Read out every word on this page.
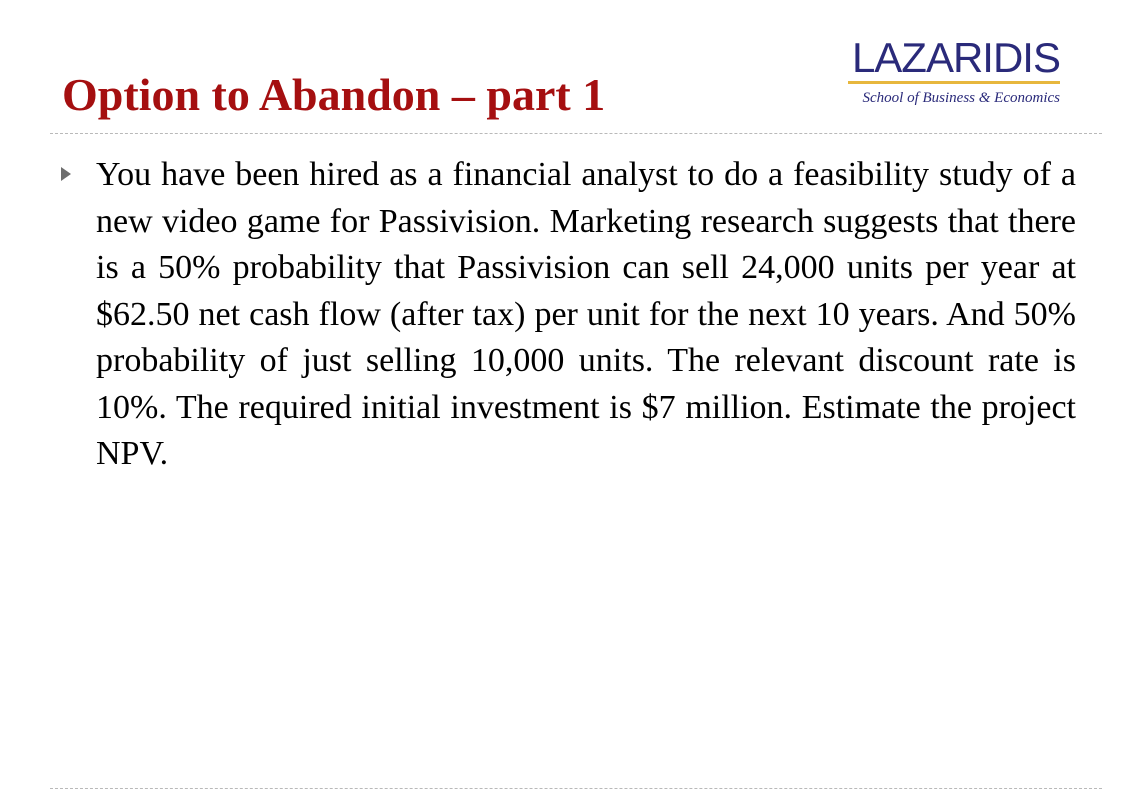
Option to Abandon – part 1
LAZARIDIS
School of Business & Economics

You have been hired as a financial analyst to do a feasibility study of a new video game for Passivision. Marketing research suggests that there is a 50% probability that Passivision can sell 24,000 units per year at $62.50 net cash flow (after tax) per unit for the next 10 years. And 50% probability of just selling 10,000 units. The relevant discount rate is 10%. The required initial investment is $7 million. Estimate the project NPV.
